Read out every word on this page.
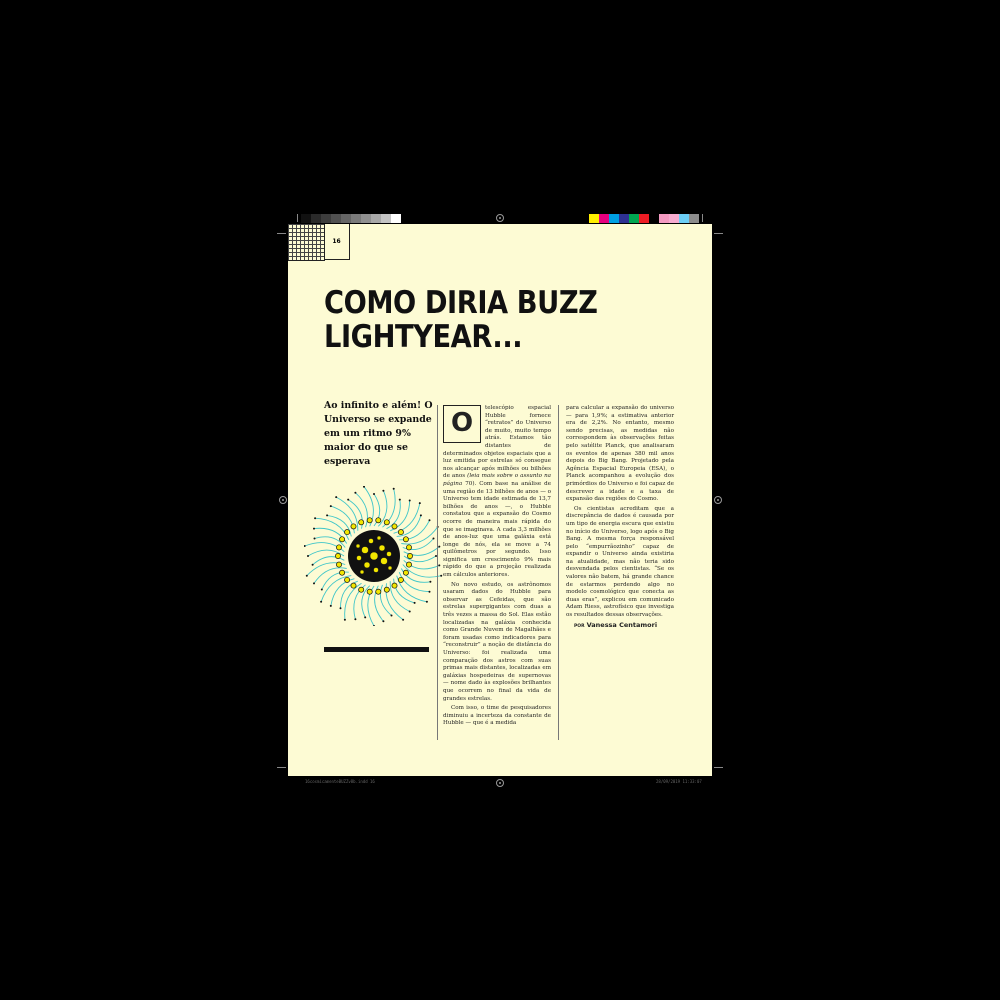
16
COMO DIRIA BUZZ LIGHTYEAR...
Ao infinito e além! O Universo se expande em um ritmo 9% maior do que se esperava

O
telescópio espacial Hubble fornece “retratos” do Universo de muito, muito tempo atrás. Estamos tão distantes de determinados objetos espaciais que a luz emitida por estrelas só consegue nos alcançar após milhões ou bilhões de anos (leia mais sobre o assunto na página 70). Com base na análise de uma região de 13 bilhões de anos — o Universo tem idade estimada de 13,7 bilhões de anos —, o Hubble constatou que a expansão do Cosmo ocorre de maneira mais rápida do que se imaginava. A cada 3,3 milhões de anos-luz que uma galáxia está longe de nós, ela se move a 74 quilômetros por segundo. Isso significa um crescimento 9% mais rápido do que a projeção realizada em cálculos anteriores.

No novo estudo, os astrônomos usaram dados do Hubble para observar as Cefeidas, que são estrelas supergigantes com duas a três vezes a massa do Sol. Elas estão localizadas na galáxia conhecida como Grande Nuvem de Magalhães e foram usadas como indicadores para “reconstruir” a noção de distância do Universo: foi realizada uma comparação dos astros com suas primas mais distantes, localizadas em galáxias hospedeiras de supernovas — nome dado às explosões brilhantes que ocorrem no final da vida de grandes estrelas.

Com isso, o time de pesquisadores diminuiu a incerteza da constante de Hubble — que é a medida

para calcular a expansão do universo — para 1,9%; a estimativa anterior era de 2,2%. No entanto, mesmo sendo precisas, as medidas não correspondem às observações feitas pelo satélite Planck, que analisaram os eventos de apenas 380 mil anos depois do Big Bang. Projetado pela Agência Espacial Europeia (ESA), o Planck acompanhou a evolução dos primórdios do Universo e foi capaz de descrever a idade e a taxa de expansão das regiões do Cosmo.

Os cientistas acreditam que a discrepância de dados é causada por um tipo de energia escura que existiu no início do Universo, logo após o Big Bang. A mesma força responsável pelo “empurrãozinho” capaz de expandir o Universo ainda existiria na atualidade, mas não teria sido desvendada pelos cientistas. “Se os valores não batem, há grande chance de estarmos perdendo algo no modelo cosmológico que conecta as duas eras”, explicou em comunicado Adam Riess, astrofísico que investiga os resultados dessas observações.

POR Vanessa Centamori

16cosmicamenteBUZZv8b.indd 16	28/09/2019 11:33:07
